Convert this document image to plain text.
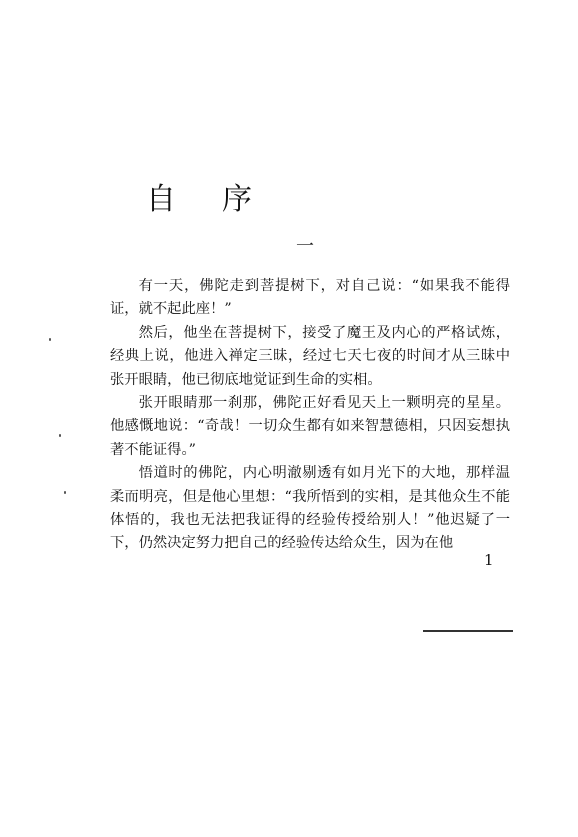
自序
一

有一天，佛陀走到菩提树下，对自己说：“如果我不能得证，就不起此座！”

然后，他坐在菩提树下，接受了魔王及内心的严格试炼，经典上说，他进入禅定三昧，经过七天七夜的时间才从三昧中张开眼睛，他已彻底地觉证到生命的实相。

张开眼睛那一刹那，佛陀正好看见天上一颗明亮的星星。他感慨地说：“奇哉！一切众生都有如来智慧德相，只因妄想执著不能证得。”

悟道时的佛陀，内心明澈剔透有如月光下的大地，那样温柔而明亮，但是他心里想：“我所悟到的实相，是其他众生不能体悟的，我也无法把我证得的经验传授给别人！”他迟疑了一下，仍然决定努力把自己的经验传达给众生，因为在他

1
